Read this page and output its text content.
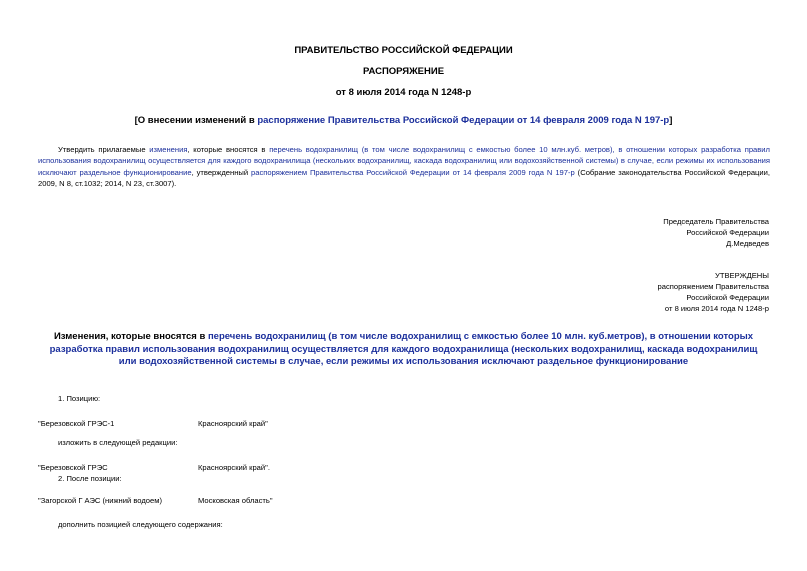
ПРАВИТЕЛЬСТВО РОССИЙСКОЙ ФЕДЕРАЦИИ
РАСПОРЯЖЕНИЕ
от 8 июля 2014 года N 1248-р
[О внесении изменений в распоряжение Правительства Российской Федерации от 14 февраля 2009 года N 197-р]
Утвердить прилагаемые изменения, которые вносятся в перечень водохранилищ (в том числе водохранилищ с емкостью более 10 млн.куб. метров), в отношении которых разработка правил использования водохранилищ осуществляется для каждого водохранилища (нескольких водохранилищ, каскада водохранилищ или водохозяйственной системы) в случае, если режимы их использования исключают раздельное функционирование, утвержденный распоряжением Правительства Российской Федерации от 14 февраля 2009 года N 197-р (Собрание законодательства Российской Федерации, 2009, N 8, ст.1032; 2014, N 23, ст.3007).
Председатель Правительства
Российской Федерации
Д.Медведев
УТВЕРЖДЕНЫ
распоряжением Правительства
Российской Федерации
от 8 июля 2014 года N 1248-р
Изменения, которые вносятся в перечень водохранилищ (в том числе водохранилищ с емкостью более 10 млн. куб.метров), в отношении которых разработка правил использования водохранилищ осуществляется для каждого водохранилища (нескольких водохранилищ, каскада водохранилищ или водохозяйственной системы в случае, если режимы их использования исключают раздельное функционирование
1. Позицию:
"Березовской ГРЭС-1	Красноярский край"
изложить в следующей редакции:
"Березовской ГРЭС	Красноярский край".
2. После позиции:
"Загорской Г АЭС (нижний водоем)	Московская область"
дополнить позицией следующего содержания:
